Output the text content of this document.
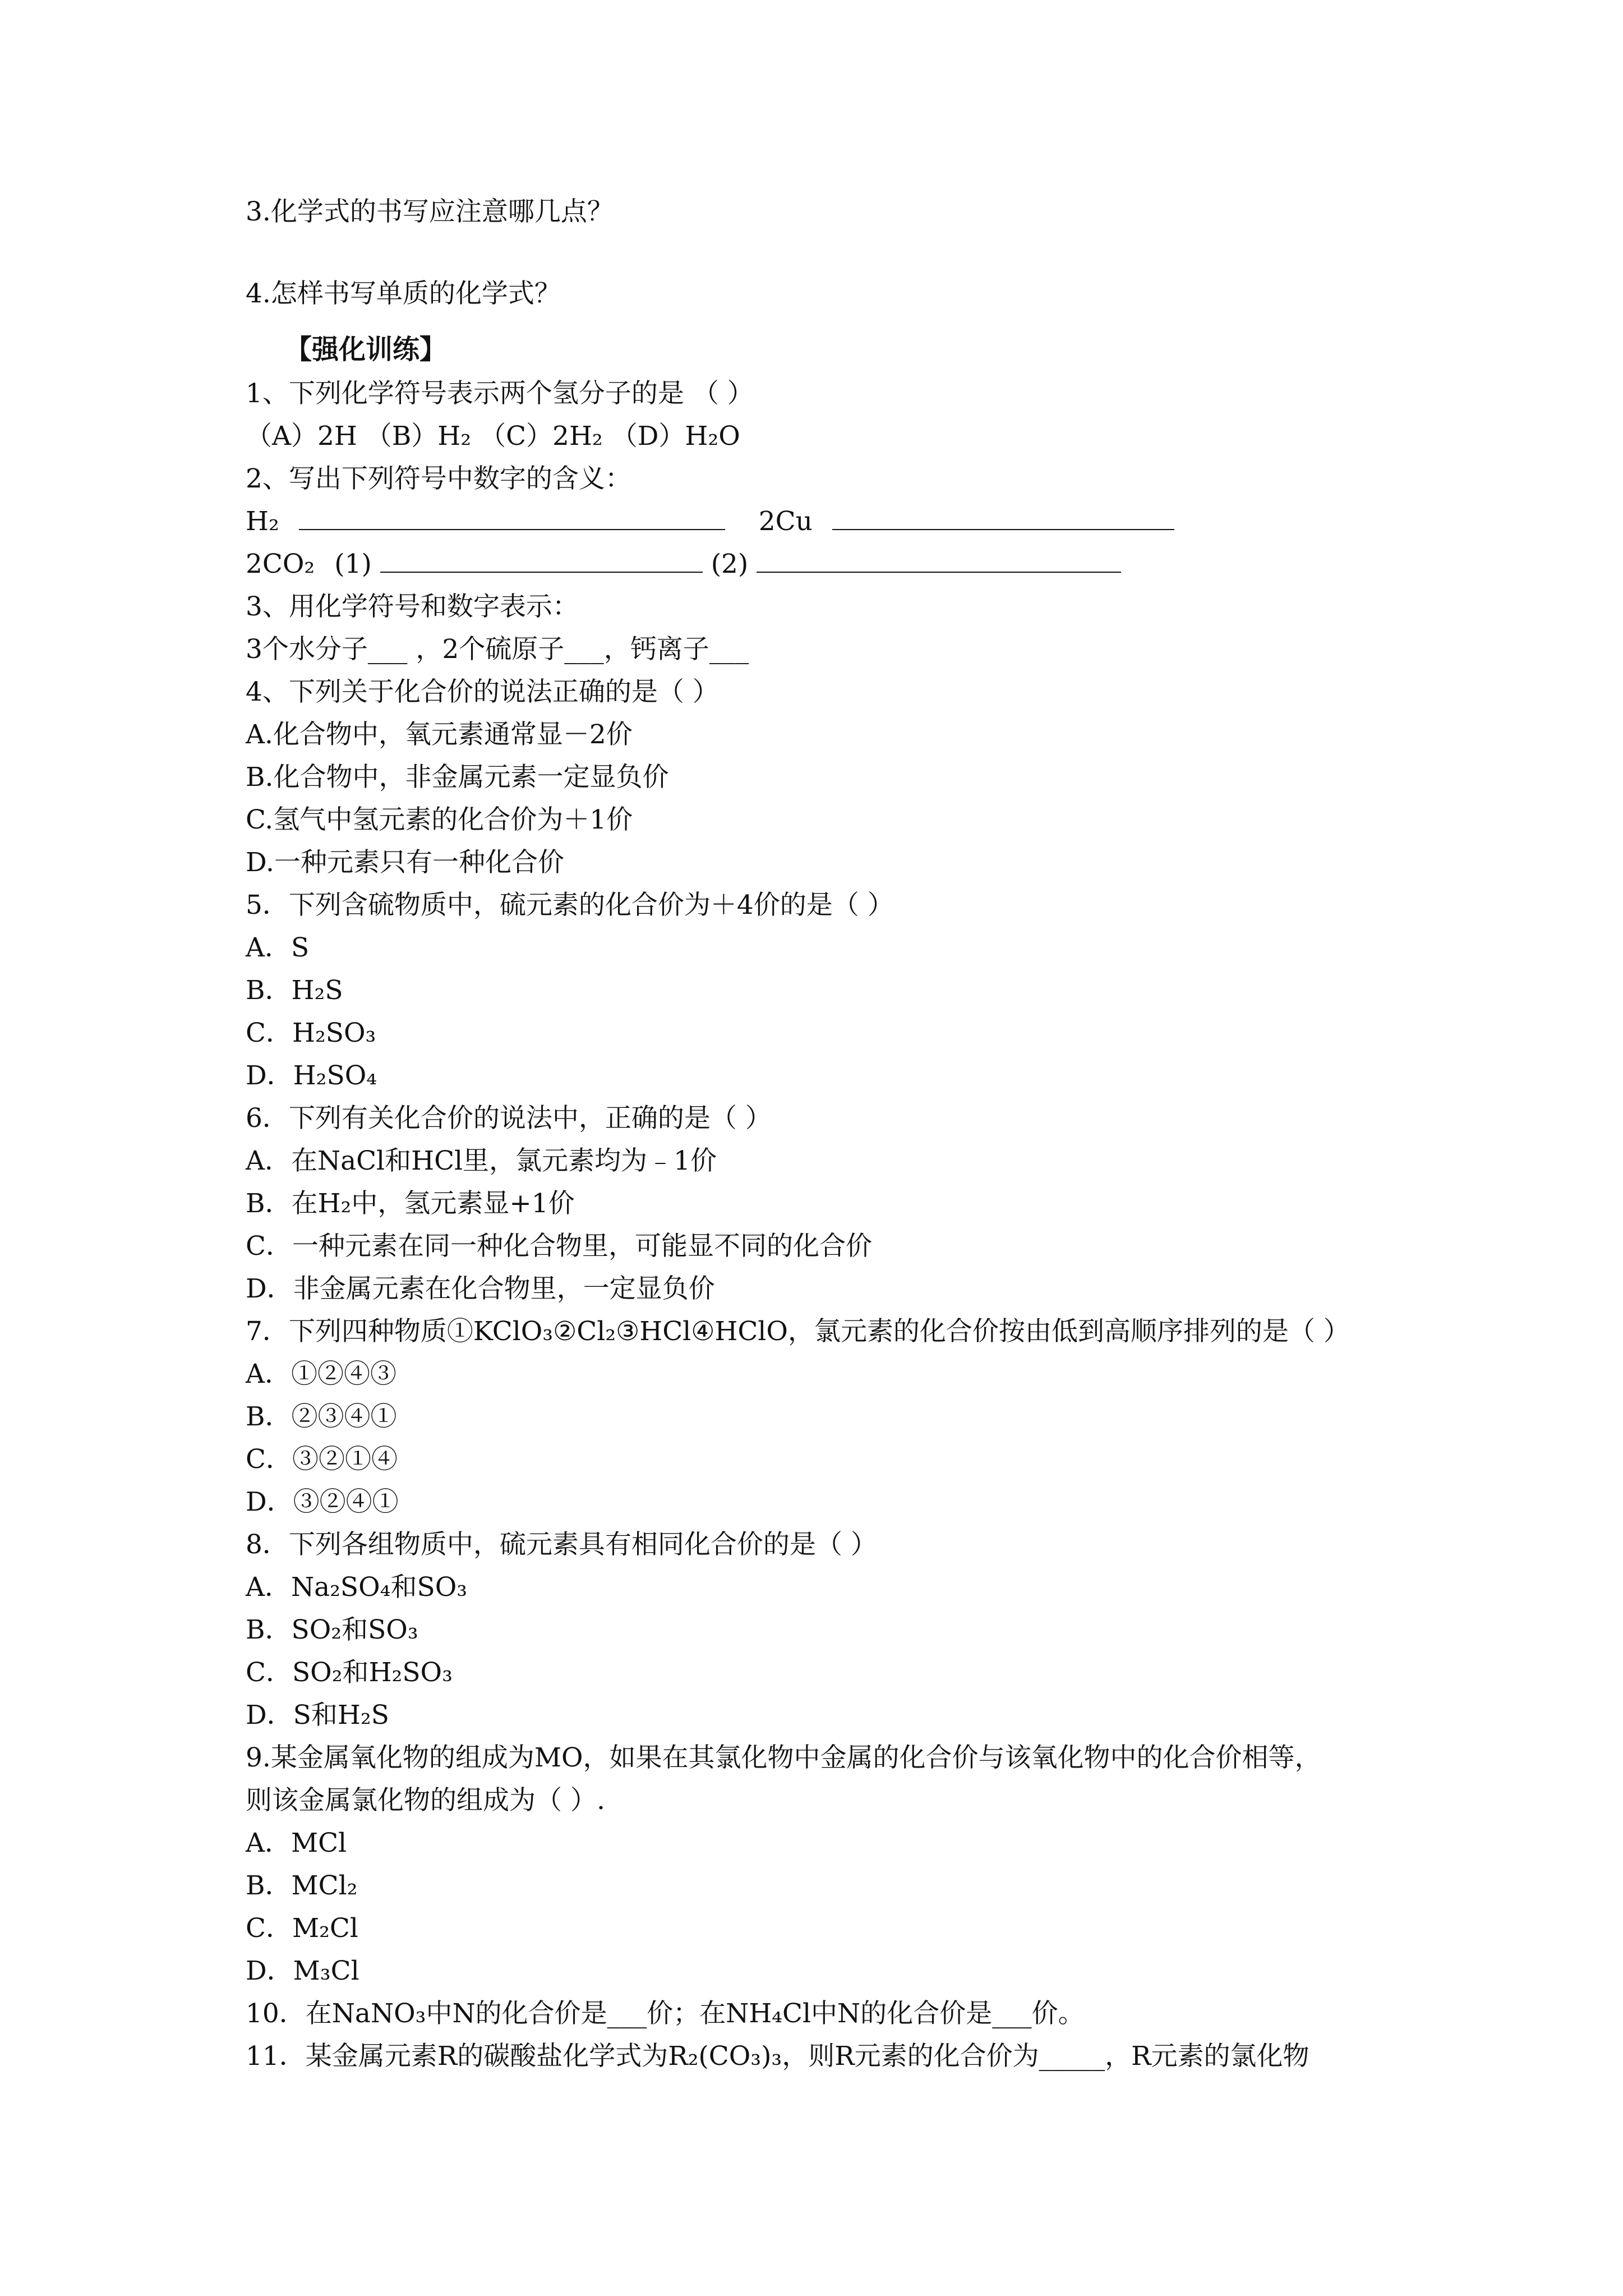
3.化学式的书写应注意哪几点？
4.怎样书写单质的化学式？
【强化训练】
1、下列化学符号表示两个氢分子的是 （ ）
（A）2H （B）H₂ （C）2H₂ （D）H₂O
2、写出下列符号中数字的含义：
H₂	2Cu
2CO₂ (1)	(2)
3、用化学符号和数字表示：
3个水分子___ ，2个硫原子___，钙离子___
4、下列关于化合价的说法正确的是（ ）
A.化合物中，氧元素通常显－2价
B.化合物中，非金属元素一定显负价
C.氢气中氢元素的化合价为＋1价
D.一种元素只有一种化合价
5．下列含硫物质中，硫元素的化合价为＋4价的是（ ）
A．S
B．H₂S
C．H₂SO₃
D．H₂SO₄
6．下列有关化合价的说法中，正确的是（ ）
A．在NaCl和HCl里，氯元素均为﹣1价
B．在H₂中，氢元素显+1价
C．一种元素在同一种化合物里，可能显不同的化合价
D．非金属元素在化合物里，一定显负价
7．下列四种物质①KClO₃②Cl₂③HCl④HClO，氯元素的化合价按由低到高顺序排列的是（ ）
A．①②④③
B．②③④①
C．③②①④
D．③②④①
8．下列各组物质中，硫元素具有相同化合价的是（ ）
A．Na₂SO₄和SO₃
B．SO₂和SO₃
C．SO₂和H₂SO₃
D．S和H₂S
9.某金属氧化物的组成为MO，如果在其氯化物中金属的化合价与该氧化物中的化合价相等，
则该金属氯化物的组成为（ ）.
A．MCl
B．MCl₂
C．M₂Cl
D．M₃Cl
10．在NaNO₃中N的化合价是___价；在NH₄Cl中N的化合价是___价。
11．某金属元素R的碳酸盐化学式为R₂(CO₃)₃，则R元素的化合价为_____，R元素的氯化物
